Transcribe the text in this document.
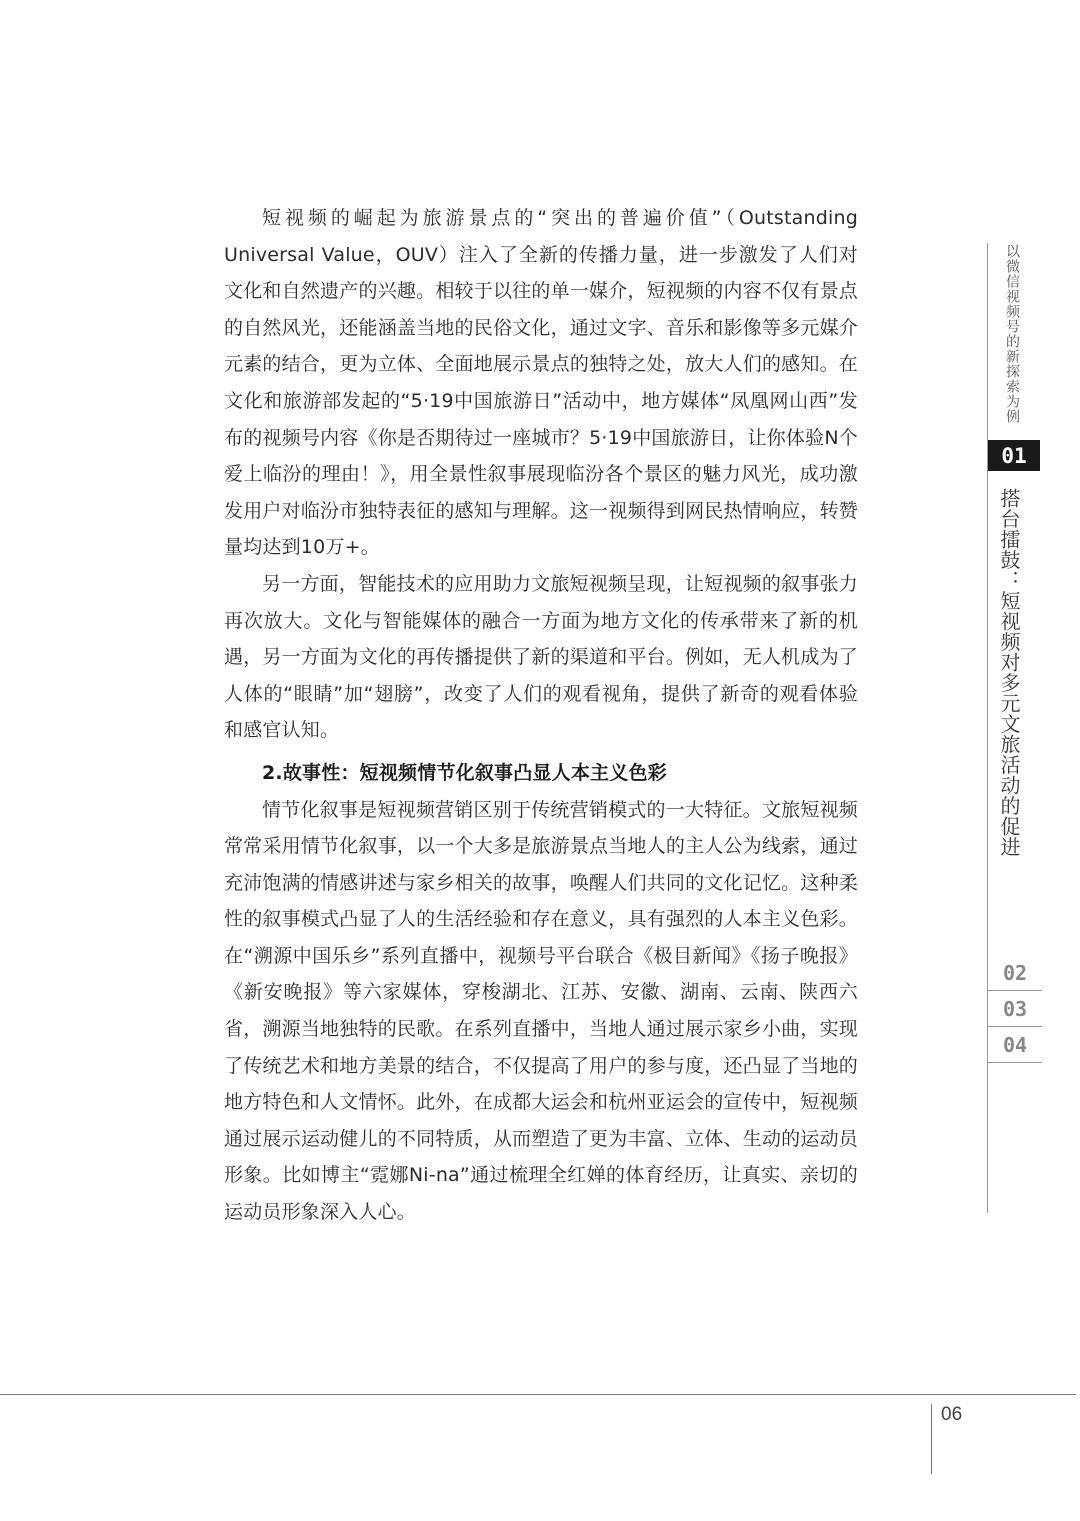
短视频的崛起为旅游景点的“突出的普遍价值”（Outstanding Universal Value，OUV）注入了全新的传播力量，进一步激发了人们对文化和自然遗产的兴趣。相较于以往的单一媒介，短视频的内容不仅有景点的自然风光，还能涵盖当地的民俗文化，通过文字、音乐和影像等多元媒介元素的结合，更为立体、全面地展示景点的独特之处，放大人们的感知。在文化和旅游部发起的“5·19中国旅游日”活动中，地方媒体“凤凰网山西”发布的视频号内容《你是否期待过一座城市？5·19中国旅游日，让你体验N个爱上临汾的理由！》，用全景性叙事展现临汾各个景区的魅力风光，成功激发用户对临汾市独特表征的感知与理解。这一视频得到网民热情响应，转赞量均达到10万+。

另一方面，智能技术的应用助力文旅短视频呈现，让短视频的叙事张力再次放大。文化与智能媒体的融合一方面为地方文化的传承带来了新的机遇，另一方面为文化的再传播提供了新的渠道和平台。例如，无人机成为了人体的“眼睛”加“翅膀”，改变了人们的观看视角，提供了新奇的观看体验和感官认知。

2.故事性：短视频情节化叙事凸显人本主义色彩

情节化叙事是短视频营销区别于传统营销模式的一大特征。文旅短视频常常采用情节化叙事，以一个大多是旅游景点当地人的主人公为线索，通过充沛饱满的情感讲述与家乡相关的故事，唤醒人们共同的文化记忆。这种柔性的叙事模式凸显了人的生活经验和存在意义，具有强烈的人本主义色彩。在“溯源中国乐乡”系列直播中，视频号平台联合《极目新闻》《扬子晚报》《新安晚报》等六家媒体，穿梭湖北、江苏、安徽、湖南、云南、陕西六省，溯源当地独特的民歌。在系列直播中，当地人通过展示家乡小曲，实现了传统艺术和地方美景的结合，不仅提高了用户的参与度，还凸显了当地的地方特色和人文情怀。此外，在成都大运会和杭州亚运会的宣传中，短视频通过展示运动健儿的不同特质，从而塑造了更为丰富、立体、生动的运动员形象。比如博主“霓娜Ni-na”通过梳理全红婵的体育经历，让真实、亲切的运动员形象深入人心。

以微信视频号的新探索为例
01
搭台擂鼓：短视频对多元文旅活动的促进
02
03
04
06
